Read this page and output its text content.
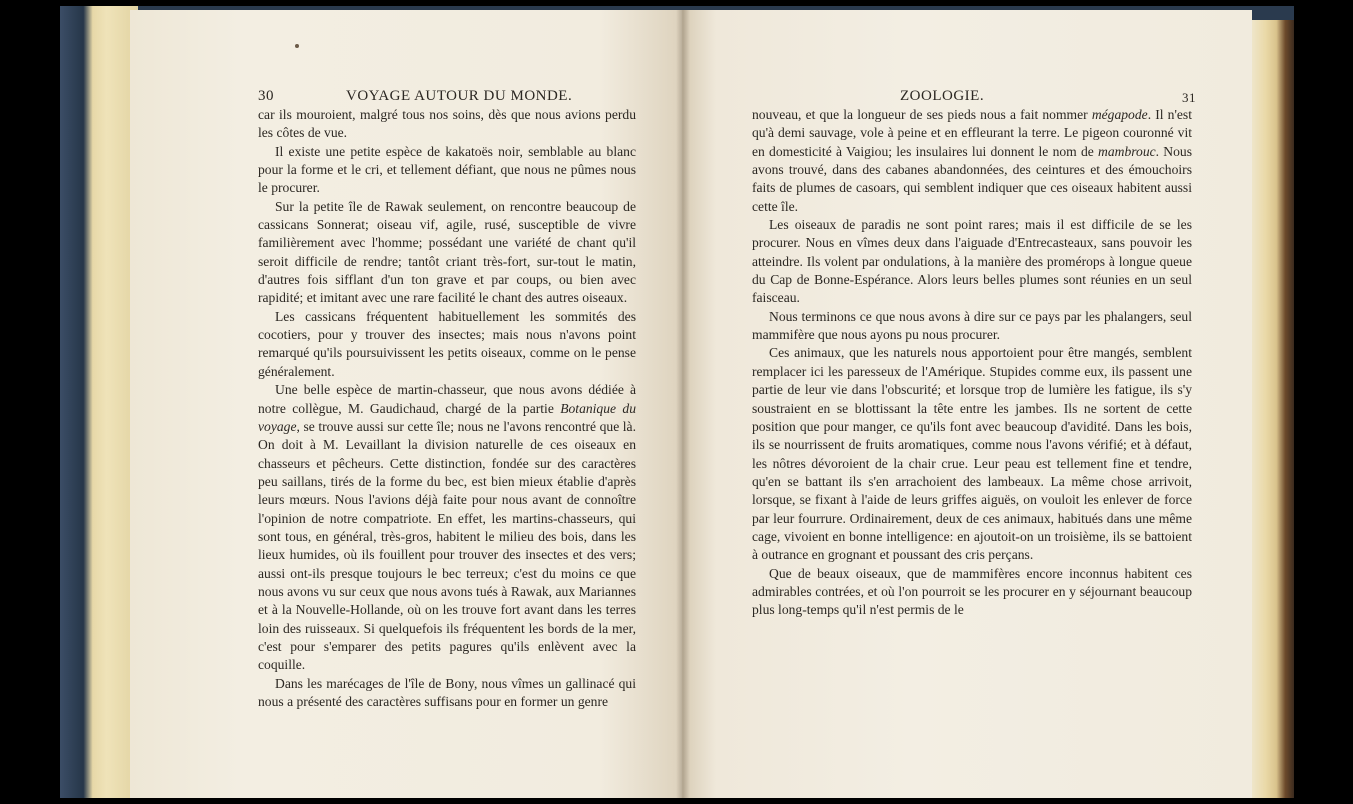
30	VOYAGE AUTOUR DU MONDE.

car ils mouroient, malgré tous nos soins, dès que nous avions perdu les côtes de vue.

Il existe une petite espèce de kakatoës noir, semblable au blanc pour la forme et le cri, et tellement défiant, que nous ne pûmes nous le procurer.

Sur la petite île de Rawak seulement, on rencontre beaucoup de cassicans Sonnerat; oiseau vif, agile, rusé, susceptible de vivre familièrement avec l'homme; possédant une variété de chant qu'il seroit difficile de rendre; tantôt criant très-fort, sur-tout le matin, d'autres fois sifflant d'un ton grave et par coups, ou bien avec rapidité; et imitant avec une rare facilité le chant des autres oiseaux.

Les cassicans fréquentent habituellement les sommités des cocotiers, pour y trouver des insectes; mais nous n'avons point remarqué qu'ils poursuivissent les petits oiseaux, comme on le pense généralement.

Une belle espèce de martin-chasseur, que nous avons dédiée à notre collègue, M. Gaudichaud, chargé de la partie Botanique du voyage, se trouve aussi sur cette île; nous ne l'avons rencontré que là. On doit à M. Levaillant la division naturelle de ces oiseaux en chasseurs et pêcheurs. Cette distinction, fondée sur des caractères peu saillans, tirés de la forme du bec, est bien mieux établie d'après leurs mœurs. Nous l'avions déjà faite pour nous avant de connoître l'opinion de notre compatriote. En effet, les martins-chasseurs, qui sont tous, en général, très-gros, habitent le milieu des bois, dans les lieux humides, où ils fouillent pour trouver des insectes et des vers; aussi ont-ils presque toujours le bec terreux; c'est du moins ce que nous avons vu sur ceux que nous avons tués à Rawak, aux Mariannes et à la Nouvelle-Hollande, où on les trouve fort avant dans les terres loin des ruisseaux. Si quelquefois ils fréquentent les bords de la mer, c'est pour s'emparer des petits pagures qu'ils enlèvent avec la coquille.

Dans les marécages de l'île de Bony, nous vîmes un gallinacé qui nous a présenté des caractères suffisans pour en former un genre

ZOOLOGIE.	31

nouveau, et que la longueur de ses pieds nous a fait nommer mégapode. Il n'est qu'à demi sauvage, vole à peine et en effleurant la terre. Le pigeon couronné vit en domesticité à Vaigiou; les insulaires lui donnent le nom de mambrouc. Nous avons trouvé, dans des cabanes abandonnées, des ceintures et des émouchoirs faits de plumes de casoars, qui semblent indiquer que ces oiseaux habitent aussi cette île.

Les oiseaux de paradis ne sont point rares; mais il est difficile de se les procurer. Nous en vîmes deux dans l'aiguade d'Entrecasteaux, sans pouvoir les atteindre. Ils volent par ondulations, à la manière des promérops à longue queue du Cap de Bonne-Espérance. Alors leurs belles plumes sont réunies en un seul faisceau.

Nous terminons ce que nous avons à dire sur ce pays par les phalangers, seul mammifère que nous ayons pu nous procurer.

Ces animaux, que les naturels nous apportoient pour être mangés, semblent remplacer ici les paresseux de l'Amérique. Stupides comme eux, ils passent une partie de leur vie dans l'obscurité; et lorsque trop de lumière les fatigue, ils s'y soustraient en se blottissant la tête entre les jambes. Ils ne sortent de cette position que pour manger, ce qu'ils font avec beaucoup d'avidité. Dans les bois, ils se nourrissent de fruits aromatiques, comme nous l'avons vérifié; et à défaut, les nôtres dévoroient de la chair crue. Leur peau est tellement fine et tendre, qu'en se battant ils s'en arrachoient des lambeaux. La même chose arrivoit, lorsque, se fixant à l'aide de leurs griffes aiguës, on vouloit les enlever de force par leur fourrure. Ordinairement, deux de ces animaux, habitués dans une même cage, vivoient en bonne intelligence: en ajoutoit-on un troisième, ils se battoient à outrance en grognant et poussant des cris perçans.

Que de beaux oiseaux, que de mammifères encore inconnus habitent ces admirables contrées, et où l'on pourroit se les procurer en y séjournant beaucoup plus long-temps qu'il n'est permis de le
